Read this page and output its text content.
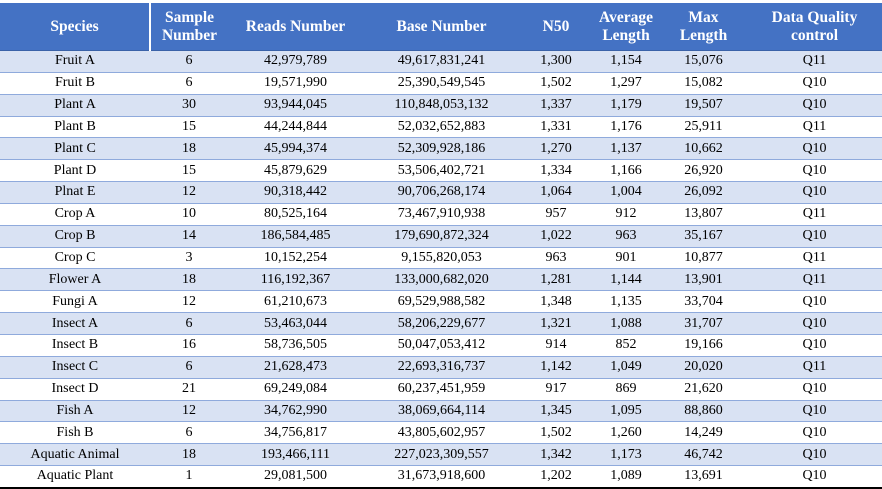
Species	Sample Number	Reads Number	Base Number	N50	Average Length	Max Length	Data Quality control
Fruit A	6	42,979,789	49,617,831,241	1,300	1,154	15,076	Q11
Fruit B	6	19,571,990	25,390,549,545	1,502	1,297	15,082	Q10
Plant A	30	93,944,045	110,848,053,132	1,337	1,179	19,507	Q10
Plant B	15	44,244,844	52,032,652,883	1,331	1,176	25,911	Q11
Plant C	18	45,994,374	52,309,928,186	1,270	1,137	10,662	Q10
Plant D	15	45,879,629	53,506,402,721	1,334	1,166	26,920	Q10
Plnat E	12	90,318,442	90,706,268,174	1,064	1,004	26,092	Q10
Crop A	10	80,525,164	73,467,910,938	957	912	13,807	Q11
Crop B	14	186,584,485	179,690,872,324	1,022	963	35,167	Q10
Crop C	3	10,152,254	9,155,820,053	963	901	10,877	Q11
Flower A	18	116,192,367	133,000,682,020	1,281	1,144	13,901	Q11
Fungi A	12	61,210,673	69,529,988,582	1,348	1,135	33,704	Q10
Insect A	6	53,463,044	58,206,229,677	1,321	1,088	31,707	Q10
Insect B	16	58,736,505	50,047,053,412	914	852	19,166	Q10
Insect C	6	21,628,473	22,693,316,737	1,142	1,049	20,020	Q11
Insect D	21	69,249,084	60,237,451,959	917	869	21,620	Q10
Fish A	12	34,762,990	38,069,664,114	1,345	1,095	88,860	Q10
Fish B	6	34,756,817	43,805,602,957	1,502	1,260	14,249	Q10
Aquatic Animal	18	193,466,111	227,023,309,557	1,342	1,173	46,742	Q10
Aquatic Plant	1	29,081,500	31,673,918,600	1,202	1,089	13,691	Q10
